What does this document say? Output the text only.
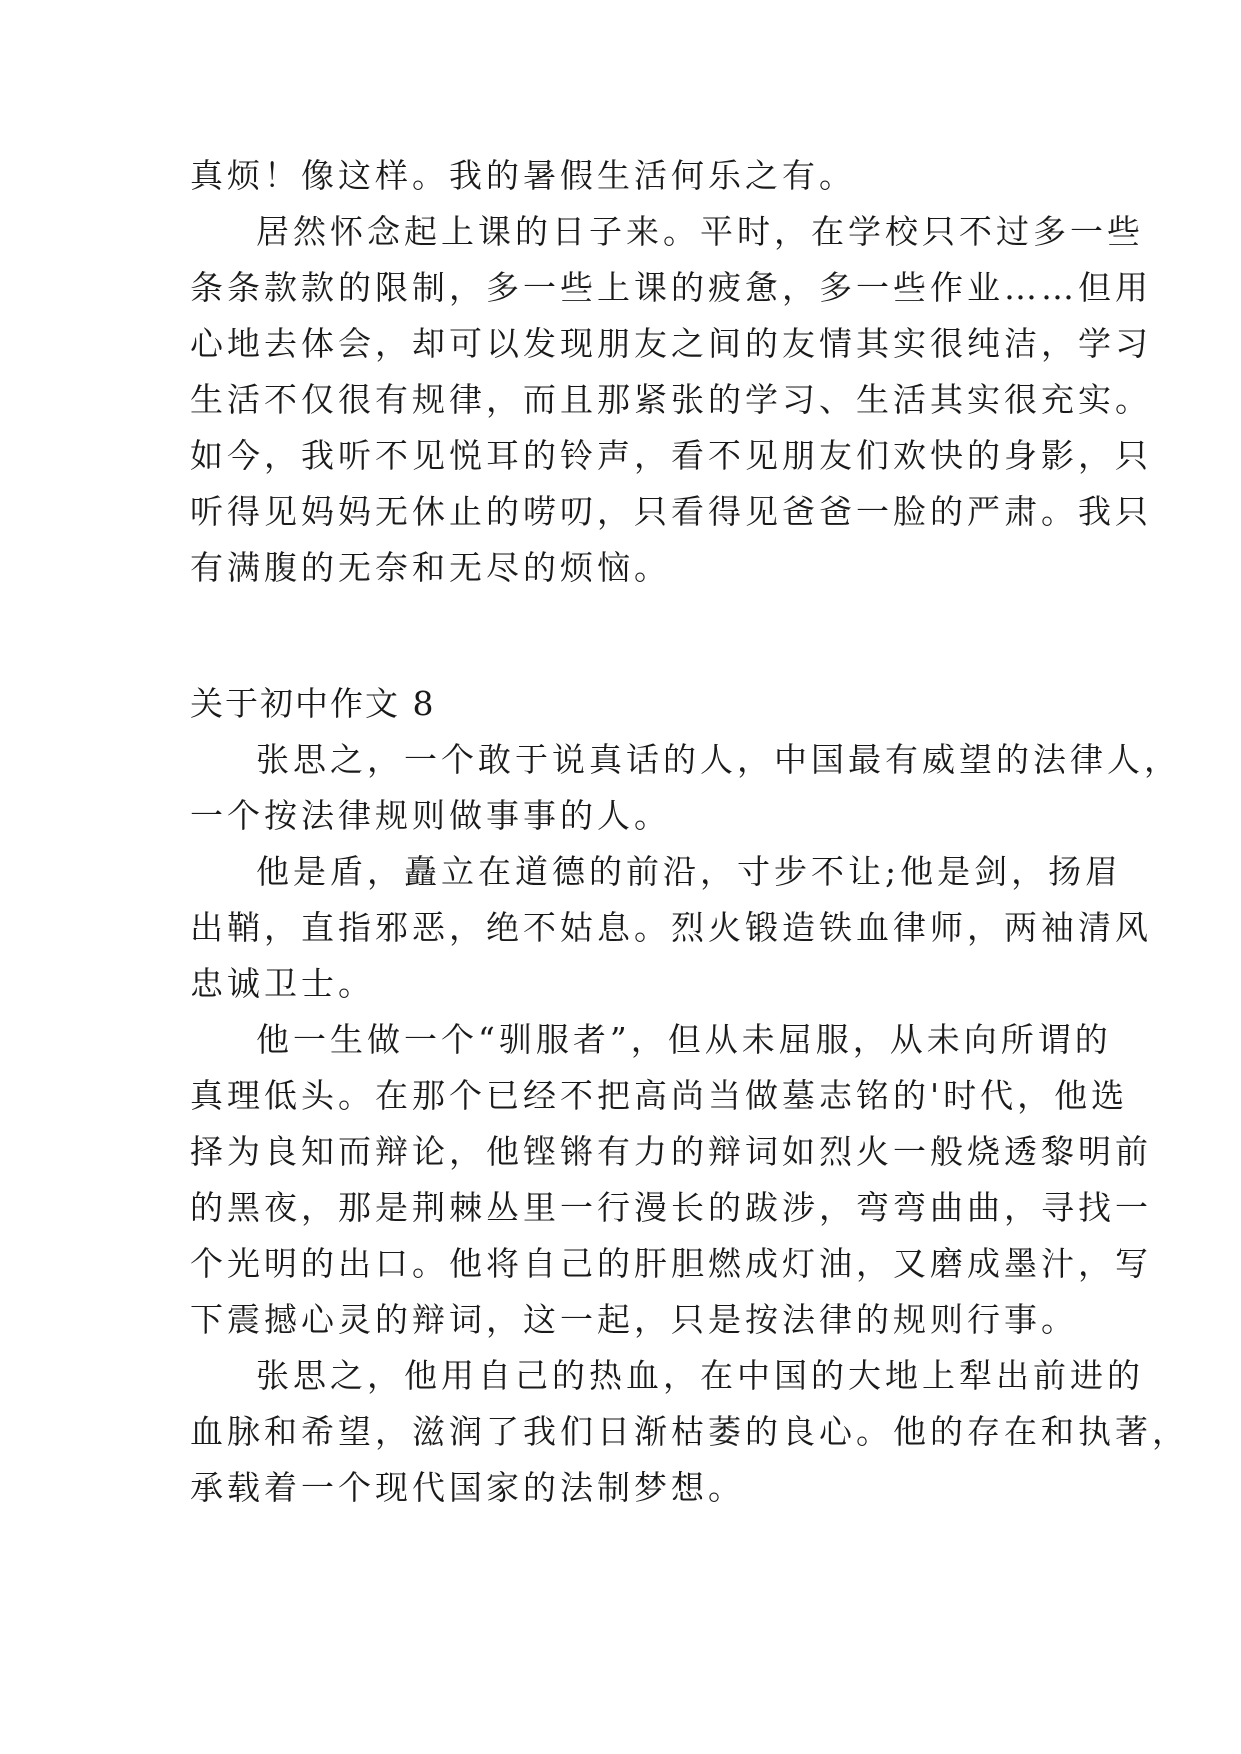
真烦！像这样。我的暑假生活何乐之有。
居然怀念起上课的日子来。平时，在学校只不过多一些
条条款款的限制，多一些上课的疲惫，多一些作业……但用
心地去体会，却可以发现朋友之间的友情其实很纯洁，学习
生活不仅很有规律，而且那紧张的学习、生活其实很充实。
如今，我听不见悦耳的铃声，看不见朋友们欢快的身影，只
听得见妈妈无休止的唠叨，只看得见爸爸一脸的严肃。我只
有满腹的无奈和无尽的烦恼。
关于初中作文 8
张思之，一个敢于说真话的人，中国最有威望的法律人，
一个按法律规则做事事的人。
他是盾，矗立在道德的前沿，寸步不让;他是剑，扬眉
出鞘，直指邪恶，绝不姑息。烈火锻造铁血律师，两袖清风
忠诚卫士。
他一生做一个“驯服者”，但从未屈服，从未向所谓的
真理低头。在那个已经不把高尚当做墓志铭的'时代，他选
择为良知而辩论，他铿锵有力的辩词如烈火一般烧透黎明前
的黑夜，那是荆棘丛里一行漫长的跋涉，弯弯曲曲，寻找一
个光明的出口。他将自己的肝胆燃成灯油，又磨成墨汁，写
下震撼心灵的辩词，这一起，只是按法律的规则行事。
张思之，他用自己的热血，在中国的大地上犁出前进的
血脉和希望，滋润了我们日渐枯萎的良心。他的存在和执著，
承载着一个现代国家的法制梦想。
